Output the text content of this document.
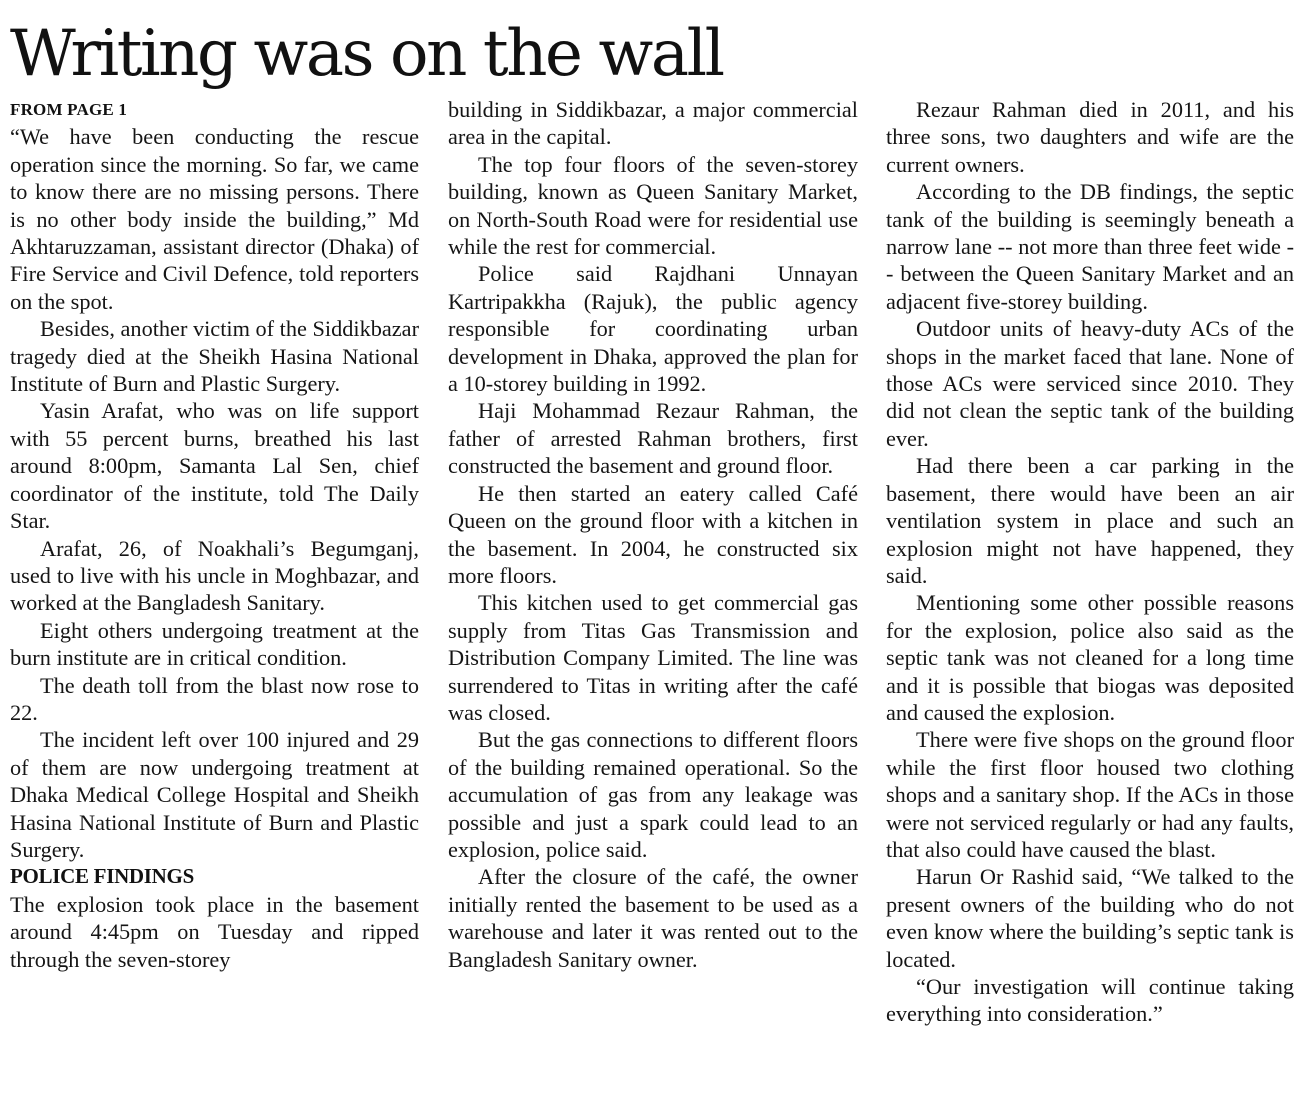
Writing was on the wall
FROM PAGE 1

“We have been conducting the rescue operation since the morning. So far, we came to know there are no missing persons. There is no other body inside the building,” Md Akhtaruzzaman, assistant director (Dhaka) of Fire Service and Civil Defence, told reporters on the spot.

Besides, another victim of the Siddikbazar tragedy died at the Sheikh Hasina National Institute of Burn and Plastic Surgery.

Yasin Arafat, who was on life support with 55 percent burns, breathed his last around 8:00pm, Samanta Lal Sen, chief coordinator of the institute, told The Daily Star.

Arafat, 26, of Noakhali’s Begumganj, used to live with his uncle in Moghbazar, and worked at the Bangladesh Sanitary.

Eight others undergoing treatment at the burn institute are in critical condition.

The death toll from the blast now rose to 22.

The incident left over 100 injured and 29 of them are now undergoing treatment at Dhaka Medical College Hospital and Sheikh Hasina National Institute of Burn and Plastic Surgery.

POLICE FINDINGS

The explosion took place in the basement around 4:45pm on Tuesday and ripped through the seven-storey

building in Siddikbazar, a major commercial area in the capital.

The top four floors of the seven-storey building, known as Queen Sanitary Market, on North-South Road were for residential use while the rest for commercial.

Police said Rajdhani Unnayan Kartripakkha (Rajuk), the public agency responsible for coordinating urban development in Dhaka, approved the plan for a 10-storey building in 1992.

Haji Mohammad Rezaur Rahman, the father of arrested Rahman brothers, first constructed the basement and ground floor.

He then started an eatery called Café Queen on the ground floor with a kitchen in the basement. In 2004, he constructed six more floors.

This kitchen used to get commercial gas supply from Titas Gas Transmission and Distribution Company Limited. The line was surrendered to Titas in writing after the café was closed.

But the gas connections to different floors of the building remained operational. So the accumulation of gas from any leakage was possible and just a spark could lead to an explosion, police said.

After the closure of the café, the owner initially rented the basement to be used as a warehouse and later it was rented out to the Bangladesh Sanitary owner.

Rezaur Rahman died in 2011, and his three sons, two daughters and wife are the current owners.

According to the DB findings, the septic tank of the building is seemingly beneath a narrow lane -- not more than three feet wide -- between the Queen Sanitary Market and an adjacent five-storey building.

Outdoor units of heavy-duty ACs of the shops in the market faced that lane. None of those ACs were serviced since 2010. They did not clean the septic tank of the building ever.

Had there been a car parking in the basement, there would have been an air ventilation system in place and such an explosion might not have happened, they said.

Mentioning some other possible reasons for the explosion, police also said as the septic tank was not cleaned for a long time and it is possible that biogas was deposited and caused the explosion.

There were five shops on the ground floor while the first floor housed two clothing shops and a sanitary shop. If the ACs in those were not serviced regularly or had any faults, that also could have caused the blast.

Harun Or Rashid said, “We talked to the present owners of the building who do not even know where the building’s septic tank is located.

“Our investigation will continue taking everything into consideration.”
